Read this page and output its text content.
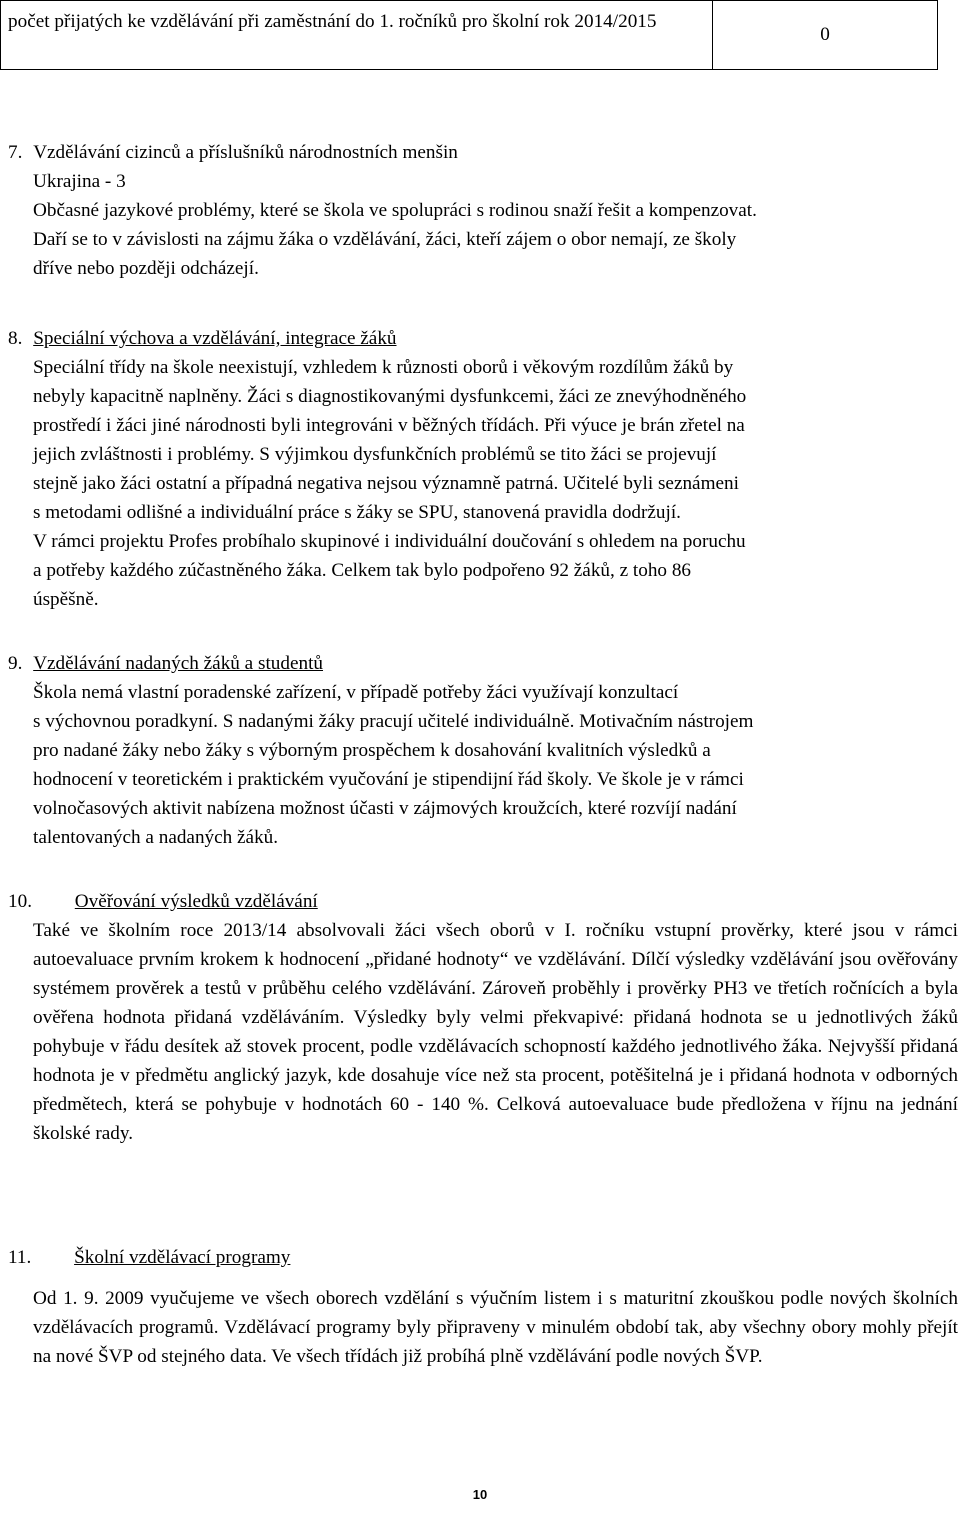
počet přijatých ke vzdělávání při zaměstnání do 1. ročníků pro školní rok 2014/2015
0
7. Vzdělávání cizinců a příslušníků národnostních menšin
Ukrajina - 3
Občasné jazykové problémy, které se škola ve spolupráci s rodinou snaží řešit a kompenzovat.
Daří se to v závislosti na zájmu žáka o vzdělávání, žáci, kteří zájem o obor nemají, ze školy
dříve nebo později odcházejí.
8. Speciální výchova a vzdělávání, integrace žáků
Speciální třídy na škole neexistují, vzhledem k různosti oborů i věkovým rozdílům žáků by
nebyly kapacitně naplněny. Žáci s diagnostikovanými dysfunkcemi, žáci ze znevýhodněného
prostředí i žáci jiné národnosti byli integrováni v běžných třídách. Při výuce je brán zřetel na
jejich zvláštnosti i problémy. S výjimkou dysfunkčních problémů se tito žáci se projevují
stejně jako žáci ostatní a případná negativa nejsou významně patrná. Učitelé byli seznámeni
s metodami odlišné a individuální práce s žáky se SPU, stanovená pravidla dodržují.
V rámci projektu Profes probíhalo skupinové i individuální doučování s ohledem na poruchu
a potřeby každého zúčastněného žáka. Celkem tak bylo podpořeno 92 žáků, z toho 86
úspěšně.
9. Vzdělávání nadaných žáků a studentů
Škola nemá vlastní poradenské zařízení, v případě potřeby žáci využívají konzultací
s výchovnou poradkyní. S nadanými žáky pracují učitelé individuálně. Motivačním nástrojem
pro nadané žáky nebo žáky s výborným prospěchem k dosahování kvalitních výsledků a
hodnocení v teoretickém i praktickém vyučování je stipendijní řád školy. Ve škole je v rámci
volnočasových aktivit nabízena možnost účasti v zájmových kroužcích, které rozvíjí nadání
talentovaných a nadaných žáků.
10. Ověřování výsledků vzdělávání

Také ve školním roce 2013/14 absolvovali žáci všech oborů v I. ročníku vstupní prověrky, které jsou v rámci autoevaluace prvním krokem k hodnocení „přidané hodnoty“ ve vzdělávání. Dílčí výsledky vzdělávání jsou ověřovány systémem prověrek a testů v průběhu celého vzdělávání. Zároveň proběhly i prověrky PH3 ve třetích ročnících a byla ověřena hodnota přidaná vzděláváním. Výsledky byly velmi překvapivé: přidaná hodnota se u jednotlivých žáků pohybuje v řádu desítek až stovek procent, podle vzdělávacích schopností každého jednotlivého žáka. Nejvyšší přidaná hodnota je v předmětu anglický jazyk, kde dosahuje více než sta procent, potěšitelná je i přidaná hodnota v odborných předmětech, která se pohybuje v hodnotách 60 - 140 %. Celková autoevaluace bude předložena v říjnu na jednání školské rady.

11. Školní vzdělávací programy

Od 1. 9. 2009 vyučujeme ve všech oborech vzdělání s výučním listem i s maturitní zkouškou podle nových školních vzdělávacích programů. Vzdělávací programy byly připraveny v minulém období tak, aby všechny obory mohly přejít na nové ŠVP od stejného data. Ve všech třídách již probíhá plně vzdělávání podle nových ŠVP.

10
